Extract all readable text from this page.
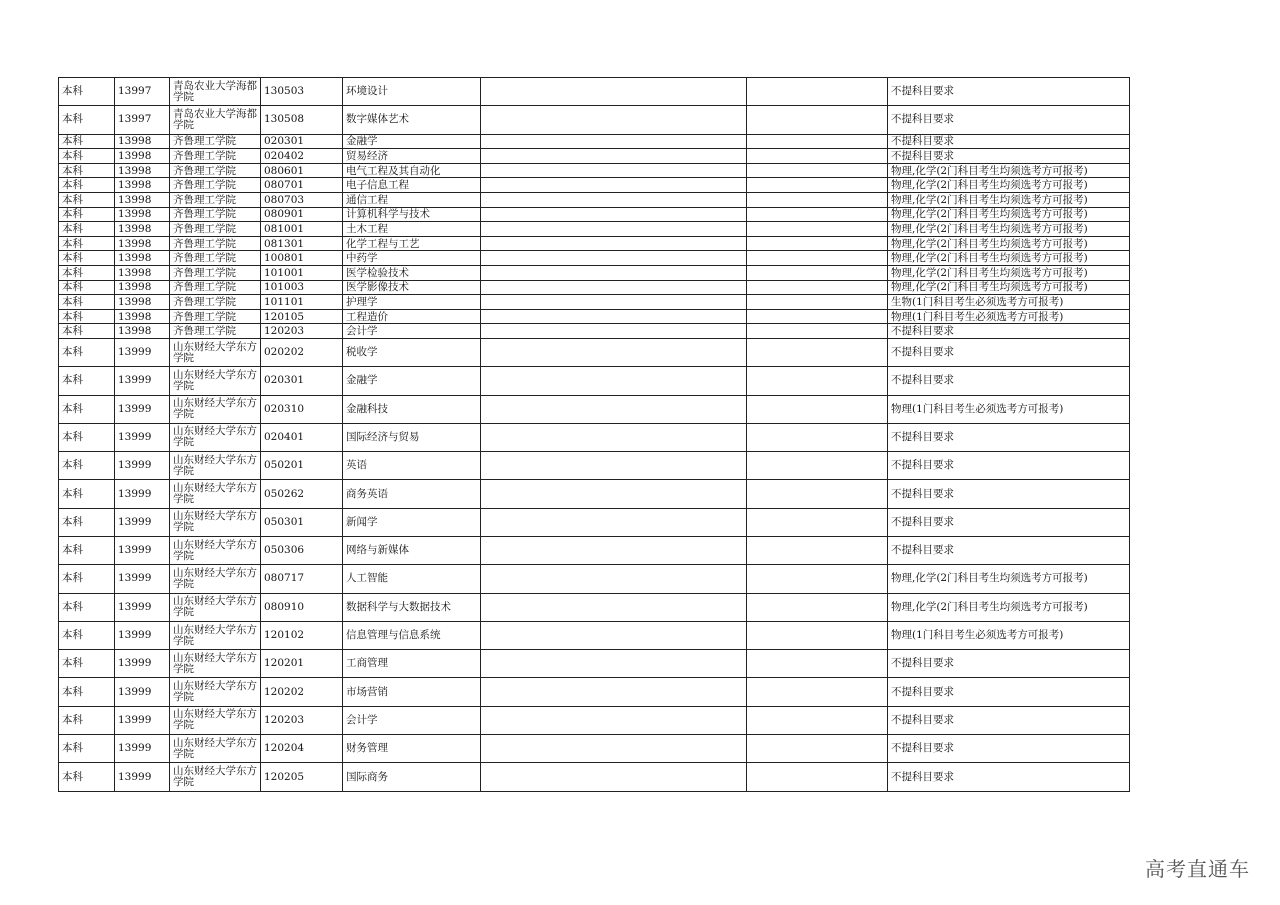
本科	13997	青岛农业大学海都学院	130503	环境设计			不提科目要求
本科	13997	青岛农业大学海都学院	130508	数字媒体艺术			不提科目要求
本科	13998	齐鲁理工学院	020301	金融学			不提科目要求
本科	13998	齐鲁理工学院	020402	贸易经济			不提科目要求
本科	13998	齐鲁理工学院	080601	电气工程及其自动化			物理,化学(2门科目考生均须选考方可报考)
本科	13998	齐鲁理工学院	080701	电子信息工程			物理,化学(2门科目考生均须选考方可报考)
本科	13998	齐鲁理工学院	080703	通信工程			物理,化学(2门科目考生均须选考方可报考)
本科	13998	齐鲁理工学院	080901	计算机科学与技术			物理,化学(2门科目考生均须选考方可报考)
本科	13998	齐鲁理工学院	081001	土木工程			物理,化学(2门科目考生均须选考方可报考)
本科	13998	齐鲁理工学院	081301	化学工程与工艺			物理,化学(2门科目考生均须选考方可报考)
本科	13998	齐鲁理工学院	100801	中药学			物理,化学(2门科目考生均须选考方可报考)
本科	13998	齐鲁理工学院	101001	医学检验技术			物理,化学(2门科目考生均须选考方可报考)
本科	13998	齐鲁理工学院	101003	医学影像技术			物理,化学(2门科目考生均须选考方可报考)
本科	13998	齐鲁理工学院	101101	护理学			生物(1门科目考生必须选考方可报考)
本科	13998	齐鲁理工学院	120105	工程造价			物理(1门科目考生必须选考方可报考)
本科	13998	齐鲁理工学院	120203	会计学			不提科目要求
本科	13999	山东财经大学东方学院	020202	税收学			不提科目要求
本科	13999	山东财经大学东方学院	020301	金融学			不提科目要求
本科	13999	山东财经大学东方学院	020310	金融科技			物理(1门科目考生必须选考方可报考)
本科	13999	山东财经大学东方学院	020401	国际经济与贸易			不提科目要求
本科	13999	山东财经大学东方学院	050201	英语			不提科目要求
本科	13999	山东财经大学东方学院	050262	商务英语			不提科目要求
本科	13999	山东财经大学东方学院	050301	新闻学			不提科目要求
本科	13999	山东财经大学东方学院	050306	网络与新媒体			不提科目要求
本科	13999	山东财经大学东方学院	080717	人工智能			物理,化学(2门科目考生均须选考方可报考)
本科	13999	山东财经大学东方学院	080910	数据科学与大数据技术			物理,化学(2门科目考生均须选考方可报考)
本科	13999	山东财经大学东方学院	120102	信息管理与信息系统			物理(1门科目考生必须选考方可报考)
本科	13999	山东财经大学东方学院	120201	工商管理			不提科目要求
本科	13999	山东财经大学东方学院	120202	市场营销			不提科目要求
本科	13999	山东财经大学东方学院	120203	会计学			不提科目要求
本科	13999	山东财经大学东方学院	120204	财务管理			不提科目要求
本科	13999	山东财经大学东方学院	120205	国际商务			不提科目要求
高考直通车
